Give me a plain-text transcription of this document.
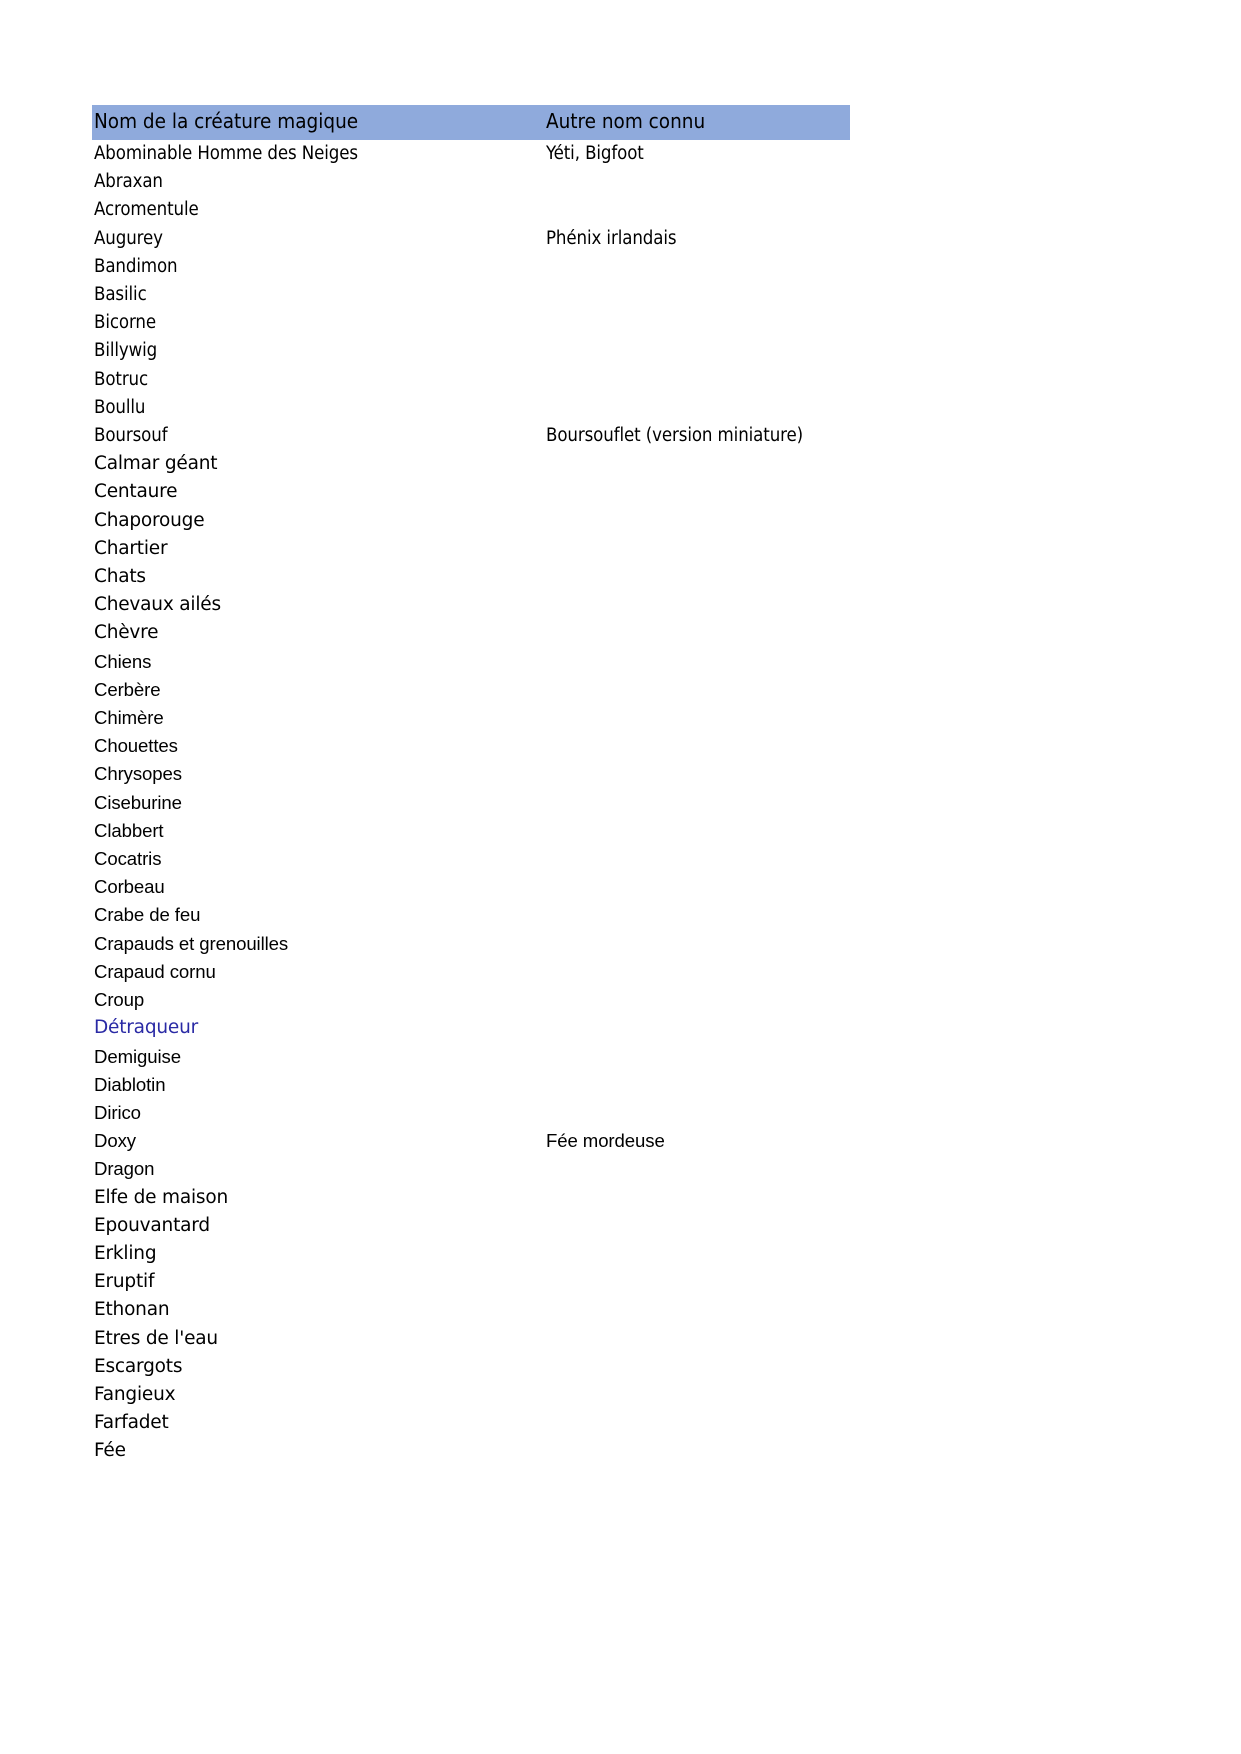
Nom de la créature magique	Autre nom connu
Abominable Homme des Neiges	Yéti, Bigfoot
Abraxan	
Acromentule	
Augurey	Phénix irlandais
Bandimon	
Basilic	
Bicorne	
Billywig	
Botruc	
Boullu	
Boursouf	Boursouflet (version miniature)
Calmar géant	
Centaure	
Chaporouge	
Chartier	
Chats	
Chevaux ailés	
Chèvre	
Chiens	
Cerbère	
Chimère	
Chouettes	
Chrysopes	
Ciseburine	
Clabbert	
Cocatris	
Corbeau	
Crabe de feu	
Crapauds et grenouilles	
Crapaud cornu	
Croup	
Détraqueur	
Demiguise	
Diablotin	
Dirico	
Doxy	Fée mordeuse
Dragon	
Elfe de maison	
Epouvantard	
Erkling	
Eruptif	
Ethonan	
Etres de l'eau	
Escargots	
Fangieux	
Farfadet	
Fée	
